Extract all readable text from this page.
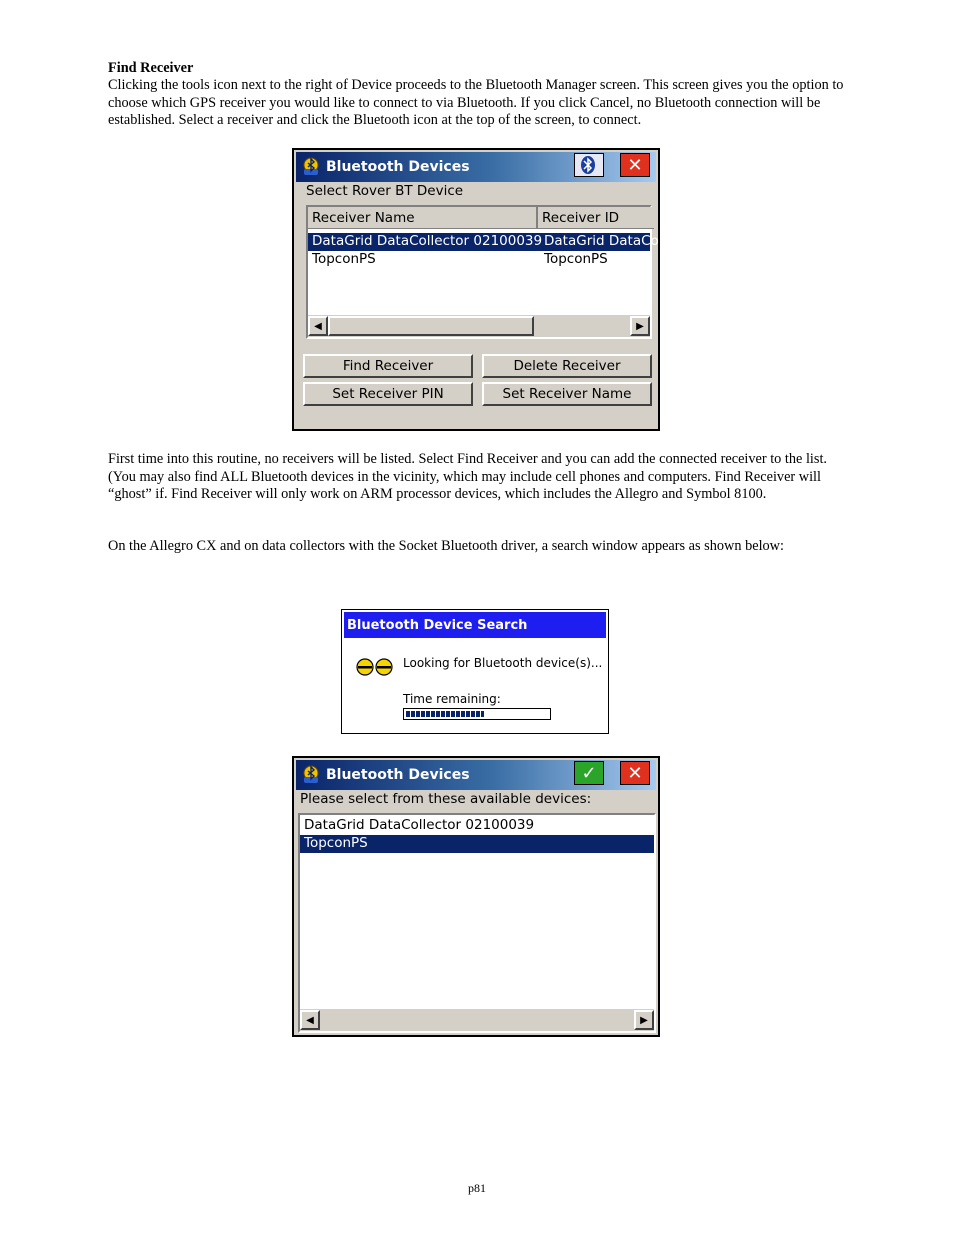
Find Receiver
Clicking the tools icon next to the right of Device proceeds to the Bluetooth Manager screen. This screen gives you the option to choose which GPS receiver you would like to connect to via Bluetooth. If you click Cancel, no Bluetooth connection will be established. Select a receiver and click the Bluetooth icon at the top of the screen, to connect.
First time into this routine, no receivers will be listed. Select Find Receiver and you can add the connected receiver to the list. (You may also find ALL Bluetooth devices in the vicinity, which may include cell phones and computers. Find Receiver will “ghost” if. Find Receiver will only work on ARM processor devices, which includes the Allegro and Symbol 8100.
On the Allegro CX and on data collectors with the Socket Bluetooth driver, a search window appears as shown below:
Bluetooth Devices	✕
Select Rover BT Device
Receiver Name	Receiver ID
DataGrid DataCollector 02100039 DataGrid DataCollector 02100039
TopconPS	TopconPS
◀	▶
Find Receiver	Delete Receiver
Set Receiver PIN	Set Receiver Name
Bluetooth Device Search
Looking for Bluetooth device(s)...
Time remaining:
Bluetooth Devices	✓ ✕
Please select from these available devices:
DataGrid DataCollector 02100039
TopconPS
◀	▶
p81
